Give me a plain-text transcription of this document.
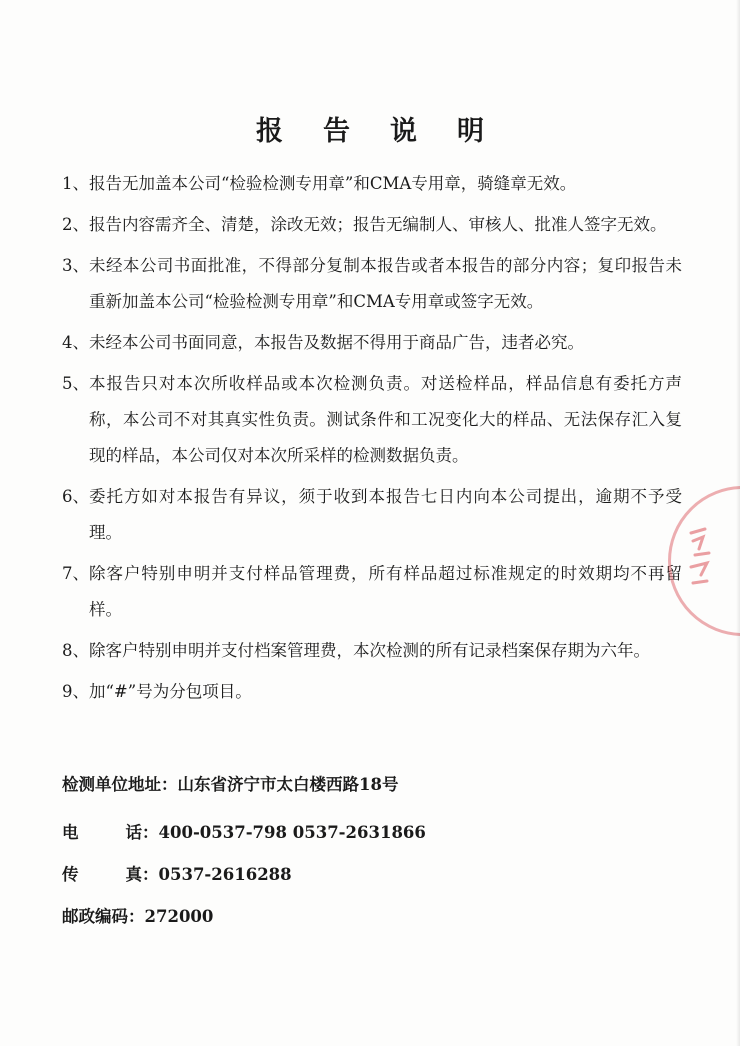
报告说明
1、 报告无加盖本公司“检验检测专用章”和CMA专用章，骑缝章无效。
2、 报告内容需齐全、清楚，涂改无效；报告无编制人、审核人、批准人签字无效。
3、 未经本公司书面批准，不得部分复制本报告或者本报告的部分内容；复印报告未重新加盖本公司“检验检测专用章”和CMA专用章或签字无效。
4、 未经本公司书面同意，本报告及数据不得用于商品广告，违者必究。
5、 本报告只对本次所收样品或本次检测负责。对送检样品，样品信息有委托方声称，本公司不对其真实性负责。测试条件和工况变化大的样品、无法保存汇入复现的样品，本公司仅对本次所采样的检测数据负责。
6、 委托方如对本报告有异议，须于收到本报告七日内向本公司提出，逾期不予受理。
7、 除客户特别申明并支付样品管理费，所有样品超过标准规定的时效期均不再留样。
8、 除客户特别申明并支付档案管理费，本次检测的所有记录档案保存期为六年。
9、 加“#”号为分包项目。
检测单位地址 ： 山东省济宁市太白楼西路18号
电	话 ： 400-0537-798 0537-2631866
传	真 ： 0537-2616288
邮政编码 ： 272000
